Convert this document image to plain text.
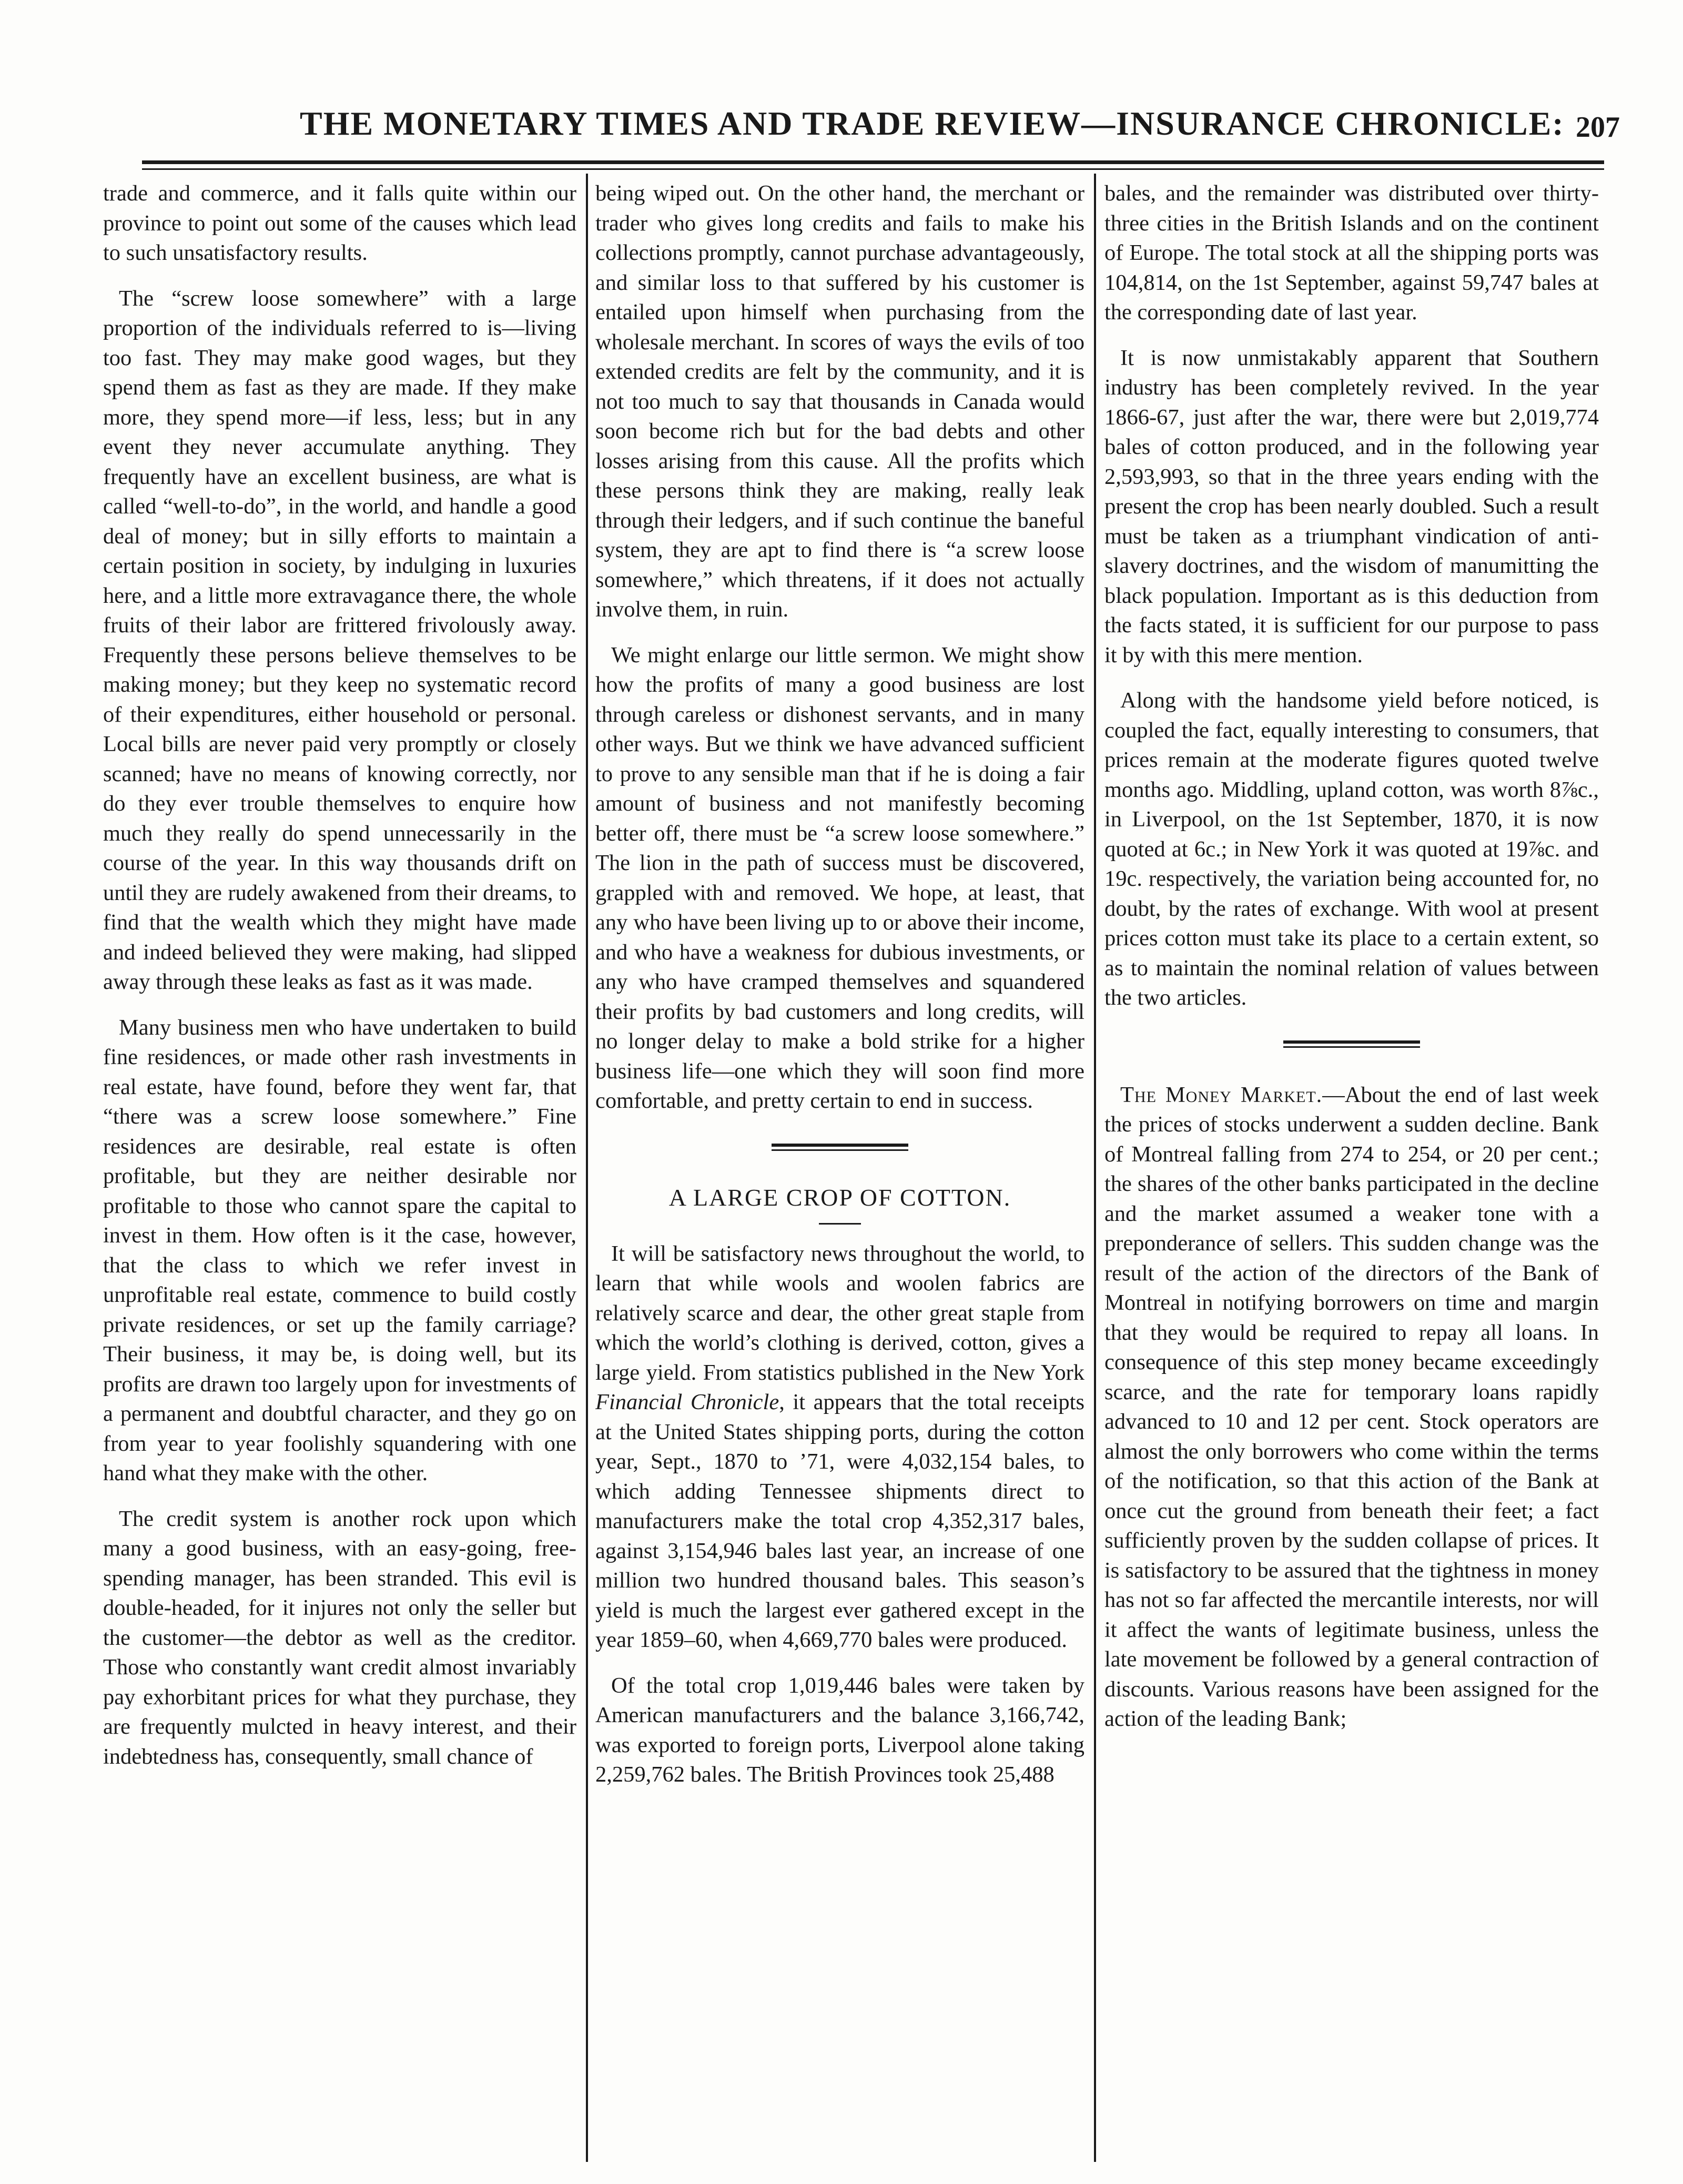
THE MONETARY TIMES AND TRADE REVIEW—INSURANCE CHRONICLE: 207

trade and commerce, and it falls quite within our province to point out some of the causes which lead to such unsatisfactory results.

The “screw loose somewhere” with a large proportion of the individuals referred to is—living too fast. They may make good wages, but they spend them as fast as they are made. If they make more, they spend more—if less, less; but in any event they never accumulate anything. They frequently have an excellent business, are what is called “well-to-do”, in the world, and handle a good deal of money; but in silly efforts to maintain a certain position in society, by indulging in luxuries here, and a little more extravagance there, the whole fruits of their labor are frittered frivolously away. Frequently these persons believe themselves to be making money; but they keep no systematic record of their expenditures, either household or personal. Local bills are never paid very promptly or closely scanned; have no means of knowing correctly, nor do they ever trouble themselves to enquire how much they really do spend unnecessarily in the course of the year. In this way thousands drift on until they are rudely awakened from their dreams, to find that the wealth which they might have made and indeed believed they were making, had slipped away through these leaks as fast as it was made.

Many business men who have undertaken to build fine residences, or made other rash investments in real estate, have found, before they went far, that “there was a screw loose somewhere.” Fine residences are desirable, real estate is often profitable, but they are neither desirable nor profitable to those who cannot spare the capital to invest in them. How often is it the case, however, that the class to which we refer invest in unprofitable real estate, commence to build costly private residences, or set up the family carriage? Their business, it may be, is doing well, but its profits are drawn too largely upon for investments of a permanent and doubtful character, and they go on from year to year foolishly squandering with one hand what they make with the other.

The credit system is another rock upon which many a good business, with an easy-going, free-spending manager, has been stranded. This evil is double-headed, for it injures not only the seller but the customer—the debtor as well as the creditor. Those who constantly want credit almost invariably pay exhorbitant prices for what they purchase, they are frequently mulcted in heavy interest, and their indebtedness has, consequently, small chance of

being wiped out. On the other hand, the merchant or trader who gives long credits and fails to make his collections promptly, cannot purchase advantageously, and similar loss to that suffered by his customer is entailed upon himself when purchasing from the wholesale merchant. In scores of ways the evils of too extended credits are felt by the community, and it is not too much to say that thousands in Canada would soon become rich but for the bad debts and other losses arising from this cause. All the profits which these persons think they are making, really leak through their ledgers, and if such continue the baneful system, they are apt to find there is “a screw loose somewhere,” which threatens, if it does not actually involve them, in ruin.

We might enlarge our little sermon. We might show how the profits of many a good business are lost through careless or dishonest servants, and in many other ways. But we think we have advanced sufficient to prove to any sensible man that if he is doing a fair amount of business and not manifestly becoming better off, there must be “a screw loose somewhere.” The lion in the path of success must be discovered, grappled with and removed. We hope, at least, that any who have been living up to or above their income, and who have a weakness for dubious investments, or any who have cramped themselves and squandered their profits by bad customers and long credits, will no longer delay to make a bold strike for a higher business life—one which they will soon find more comfortable, and pretty certain to end in success.

A LARGE CROP OF COTTON.

It will be satisfactory news throughout the world, to learn that while wools and woolen fabrics are relatively scarce and dear, the other great staple from which the world’s clothing is derived, cotton, gives a large yield. From statistics published in the New York Financial Chronicle, it appears that the total receipts at the United States shipping ports, during the cotton year, Sept., 1870 to ’71, were 4,032,154 bales, to which adding Tennessee shipments direct to manufacturers make the total crop 4,352,317 bales, against 3,154,946 bales last year, an increase of one million two hundred thousand bales. This season’s yield is much the largest ever gathered except in the year 1859–60, when 4,669,770 bales were produced.

Of the total crop 1,019,446 bales were taken by American manufacturers and the balance 3,166,742, was exported to foreign ports, Liverpool alone taking 2,259,762 bales. The British Provinces took 25,488

bales, and the remainder was distributed over thirty-three cities in the British Islands and on the continent of Europe. The total stock at all the shipping ports was 104,814, on the 1st September, against 59,747 bales at the corresponding date of last year.

It is now unmistakably apparent that Southern industry has been completely revived. In the year 1866-67, just after the war, there were but 2,019,774 bales of cotton produced, and in the following year 2,593,993, so that in the three years ending with the present the crop has been nearly doubled. Such a result must be taken as a triumphant vindication of anti-slavery doctrines, and the wisdom of manumitting the black population. Important as is this deduction from the facts stated, it is sufficient for our purpose to pass it by with this mere mention.

Along with the handsome yield before noticed, is coupled the fact, equally interesting to consumers, that prices remain at the moderate figures quoted twelve months ago. Middling, upland cotton, was worth 8⅞c., in Liverpool, on the 1st September, 1870, it is now quoted at 6c.; in New York it was quoted at 19⅞c. and 19c. respectively, the variation being accounted for, no doubt, by the rates of exchange. With wool at present prices cotton must take its place to a certain extent, so as to maintain the nominal relation of values between the two articles.

The Money Market.—About the end of last week the prices of stocks underwent a sudden decline. Bank of Montreal falling from 274 to 254, or 20 per cent.; the shares of the other banks participated in the decline and the market assumed a weaker tone with a preponderance of sellers. This sudden change was the result of the action of the directors of the Bank of Montreal in notifying borrowers on time and margin that they would be required to repay all loans. In consequence of this step money became exceedingly scarce, and the rate for temporary loans rapidly advanced to 10 and 12 per cent. Stock operators are almost the only borrowers who come within the terms of the notification, so that this action of the Bank at once cut the ground from beneath their feet; a fact sufficiently proven by the sudden collapse of prices. It is satisfactory to be assured that the tightness in money has not so far affected the mercantile interests, nor will it affect the wants of legitimate business, unless the late movement be followed by a general contraction of discounts. Various reasons have been assigned for the action of the leading Bank;
